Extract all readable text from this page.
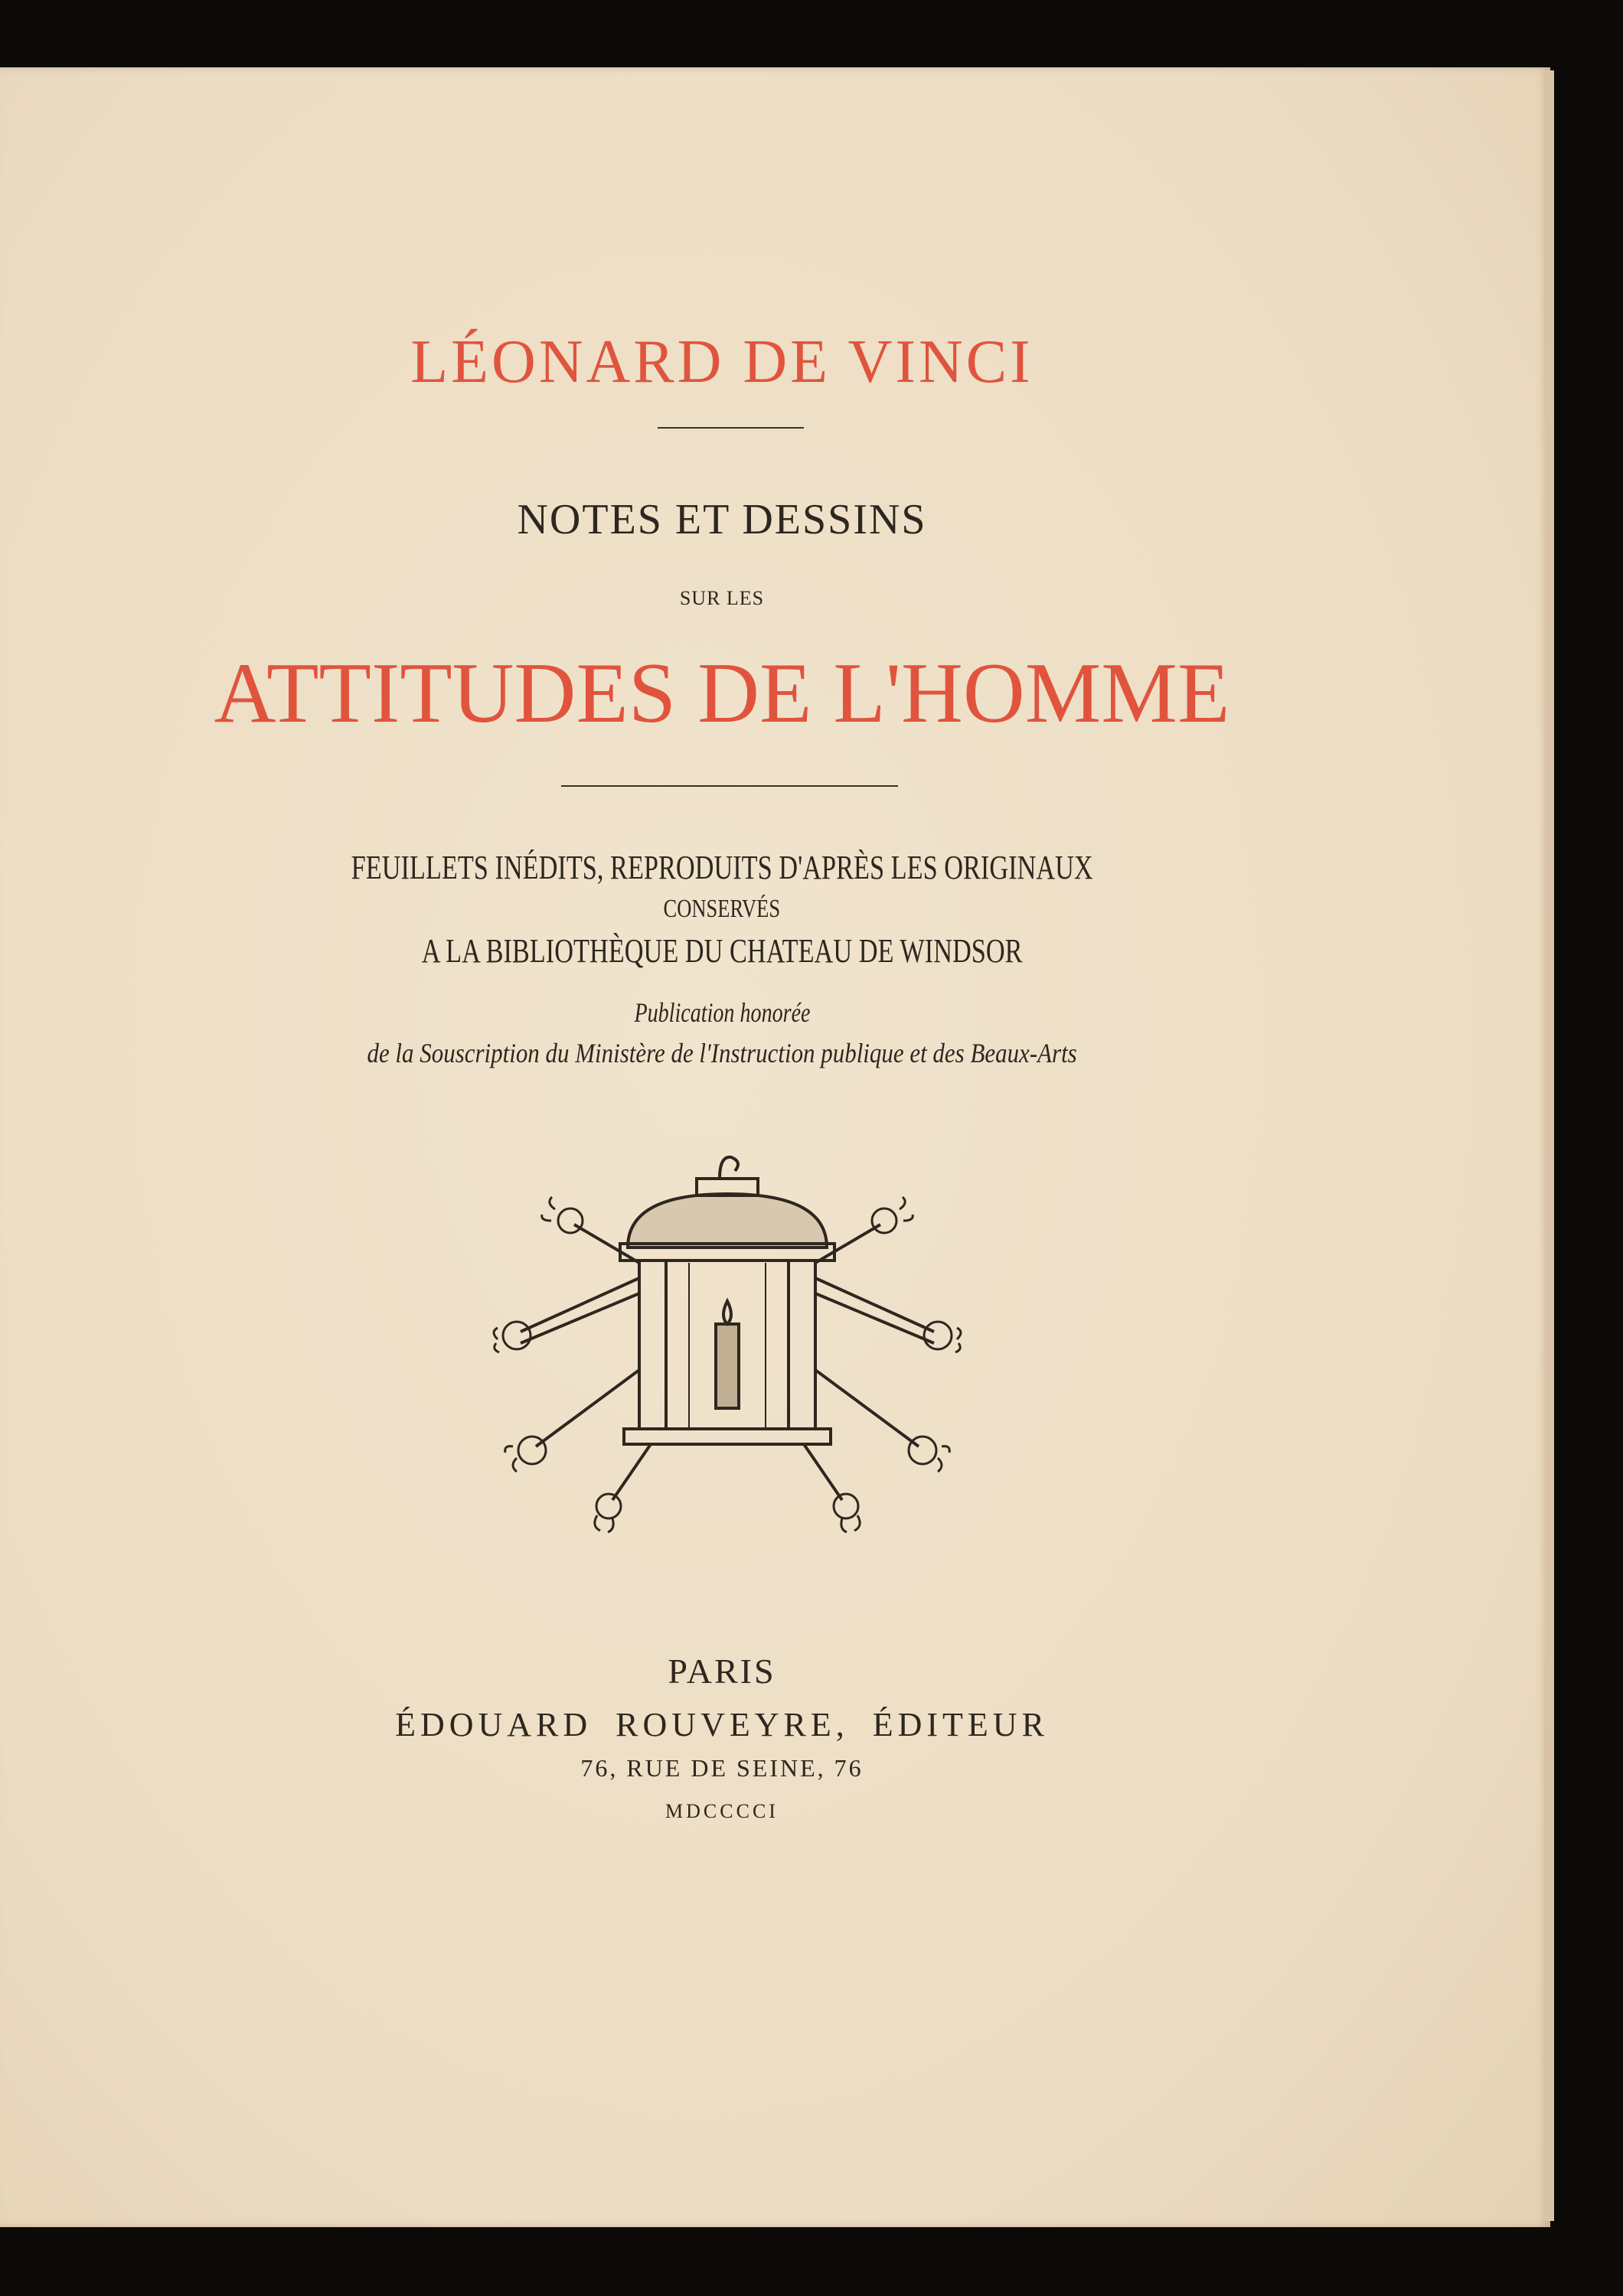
LÉONARD DE VINCI
NOTES ET DESSINS
SUR LES
ATTITUDES DE L'HOMME
FEUILLETS INÉDITS, REPRODUITS D'APRÈS LES ORIGINAUX
CONSERVÉS
A LA BIBLIOTHÈQUE DU CHATEAU DE WINDSOR
Publication honorée
de la Souscription du Ministère de l'Instruction publique et des Beaux-Arts
PARIS
ÉDOUARD ROUVEYRE, ÉDITEUR
76, RUE DE SEINE, 76
MDCCCCI
